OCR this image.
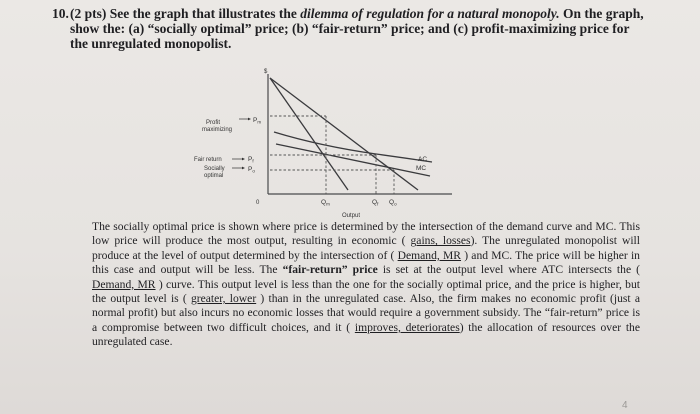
10. (2 pts) See the graph that illustrates the dilemma of regulation for a natural monopoly. On the graph, show the: (a) “socially optimal” price; (b) “fair-return” price; and (c) profit-maximizing price for the unregulated monopolist.
$
0
Output
AC
MC
Profit
maximizing
$P_m$
Fair return	$P_f$
Socially
optimal
$P_o$
$Q_m$	$Q_f$ $Q_o$
The socially optimal price is shown where price is determined by the intersection of the demand curve and MC. This low price will produce the most output, resulting in economic ( gains, losses). The unregulated monopolist will produce at the level of output determined by the intersection of ( Demand, MR ) and MC. The price will be higher in this case and output will be less. The “fair-return” price is set at the output level where ATC intersects the ( Demand, MR ) curve. This output level is less than the one for the socially optimal price, and the price is higher, but the output level is ( greater, lower ) than in the unregulated case. Also, the firm makes no economic profit (just a normal profit) but also incurs no economic losses that would require a government subsidy. The “fair-return” price is a compromise between two difficult choices, and it ( improves, deteriorates) the allocation of resources over the unregulated case.
4
